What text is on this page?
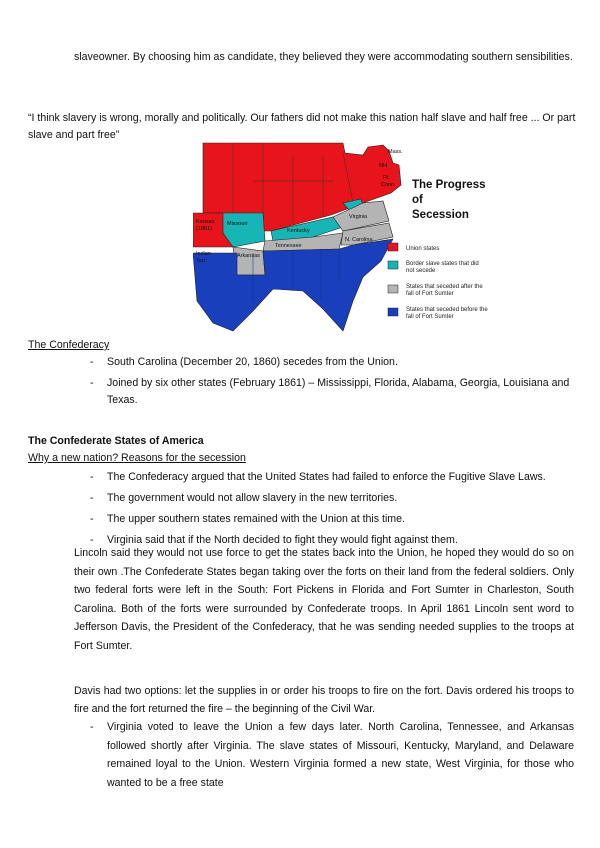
slaveowner. By choosing him as candidate, they believed they were accommodating southern sensibilities.
“I think slavery is wrong, morally and politically. Our fathers did not make this nation half slave and half free ... Or part slave and part free”
Kansas
(1861)
Indian
Terr.
Missouri
Kentucky
Virginia
Tennessee
Arkansas
N. Carolina
NH
Mass.
RI
Conn. The Progress
of
Secession
Union states
Border slave states that did
not secede
States that seceded after the
fall of Fort Sumter
States that seceded before the
fall of Fort Sumter
The Confederacy
- South Carolina (December 20, 1860) secedes from the Union.
- Joined by six other states (February 1861) – Mississippi, Florida, Alabama, Georgia, Louisiana and Texas.
The Confederate States of America
Why a new nation? Reasons for the secession
- The Confederacy argued that the United States had failed to enforce the Fugitive Slave Laws.
- The government would not allow slavery in the new territories.
- The upper southern states remained with the Union at this time.
- Virginia said that if the North decided to fight they would fight against them.
Lincoln said they would not use force to get the states back into the Union, he hoped they would do so on their own .The Confederate States began taking over the forts on their land from the federal soldiers. Only two federal forts were left in the South: Fort Pickens in Florida and Fort Sumter in Charleston, South Carolina. Both of the forts were surrounded by Confederate troops. In April 1861 Lincoln sent word to Jefferson Davis, the President of the Confederacy, that he was sending needed supplies to the troops at Fort Sumter.
Davis had two options: let the supplies in or order his troops to fire on the fort. Davis ordered his troops to fire and the fort returned the fire – the beginning of the Civil War.
- Virginia voted to leave the Union a few days later. North Carolina, Tennessee, and Arkansas followed shortly after Virginia. The slave states of Missouri, Kentucky, Maryland, and Delaware remained loyal to the Union. Western Virginia formed a new state, West Virginia, for those who wanted to be a free state
